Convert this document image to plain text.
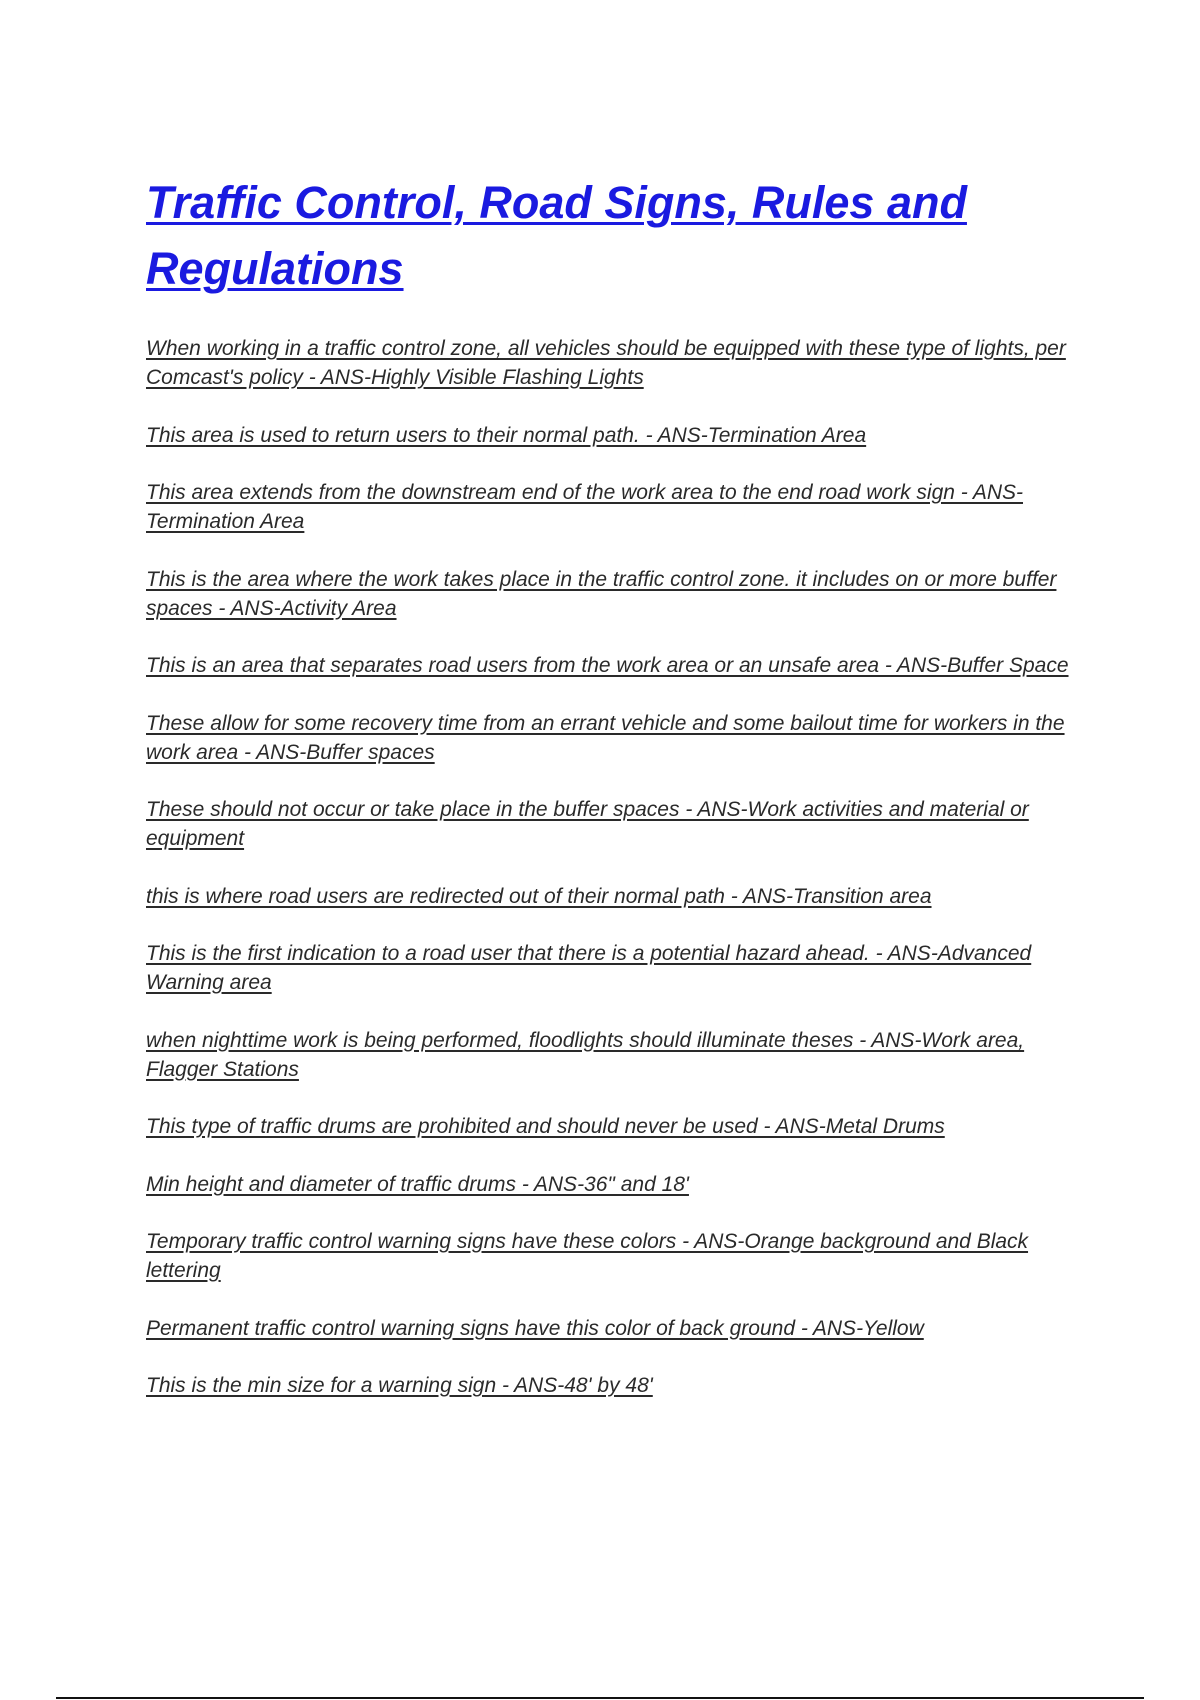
Traffic Control, Road Signs, Rules and Regulations
When working in a traffic control zone, all vehicles should be equipped with these type of lights, per Comcast's policy - ANS-Highly Visible Flashing Lights
This area is used to return users to their normal path. - ANS-Termination Area
This area extends from the downstream end of the work area to the end road work sign - ANS-Termination Area
This is the area where the work takes place in the traffic control zone. it includes on or more buffer spaces - ANS-Activity Area
This is an area that separates road users from the work area or an unsafe area - ANS-Buffer Space
These allow for some recovery time from an errant vehicle and some bailout time for workers in the work area - ANS-Buffer spaces
These should not occur or take place in the buffer spaces - ANS-Work activities and material or equipment
this is where road users are redirected out of their normal path - ANS-Transition area
This is the first indication to a road user that there is a potential hazard ahead. - ANS-Advanced Warning area
when nighttime work is being performed, floodlights should illuminate theses - ANS-Work area, Flagger Stations
This type of traffic drums are prohibited and should never be used - ANS-Metal Drums
Min height and diameter of traffic drums - ANS-36" and 18'
Temporary traffic control warning signs have these colors - ANS-Orange background and Black lettering
Permanent traffic control warning signs have this color of back ground - ANS-Yellow
This is the min size for a warning sign - ANS-48' by 48'
